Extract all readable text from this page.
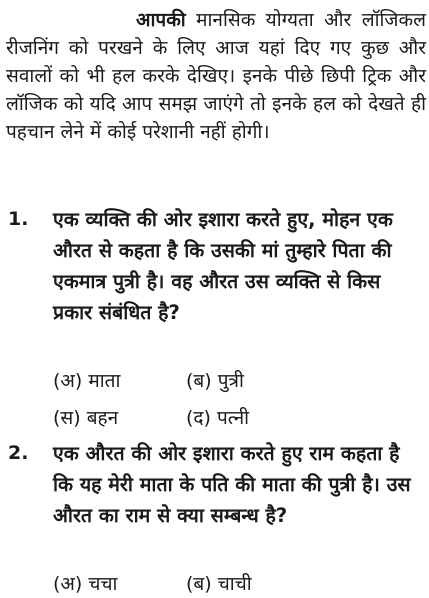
आपकी मानसिक योग्यता और लॉजिकल रीजनिंग को परखने के लिए आज यहां दिए गए कुछ और सवालों को भी हल करके देखिए। इनके पीछे छिपी ट्रिक और लॉजिक को यदि आप समझ जाएंगे तो इनके हल को देखते ही पहचान लेने में कोई परेशानी नहीं होगी।

1. एक व्यक्ति की ओर इशारा करते हुए, मोहन एक औरत से कहता है कि उसकी मां तुम्हारे पिता की एकमात्र पुत्री है। वह औरत उस व्यक्ति से किस प्रकार संबंधित है?
(अ) माता	(ब) पुत्री
(स) बहन	(द) पत्नी
2. एक औरत की ओर इशारा करते हुए राम कहता है कि यह मेरी माता के पति की माता की पुत्री है। उस औरत का राम से क्या सम्बन्ध है?
(अ) चचा	(ब) चाची
